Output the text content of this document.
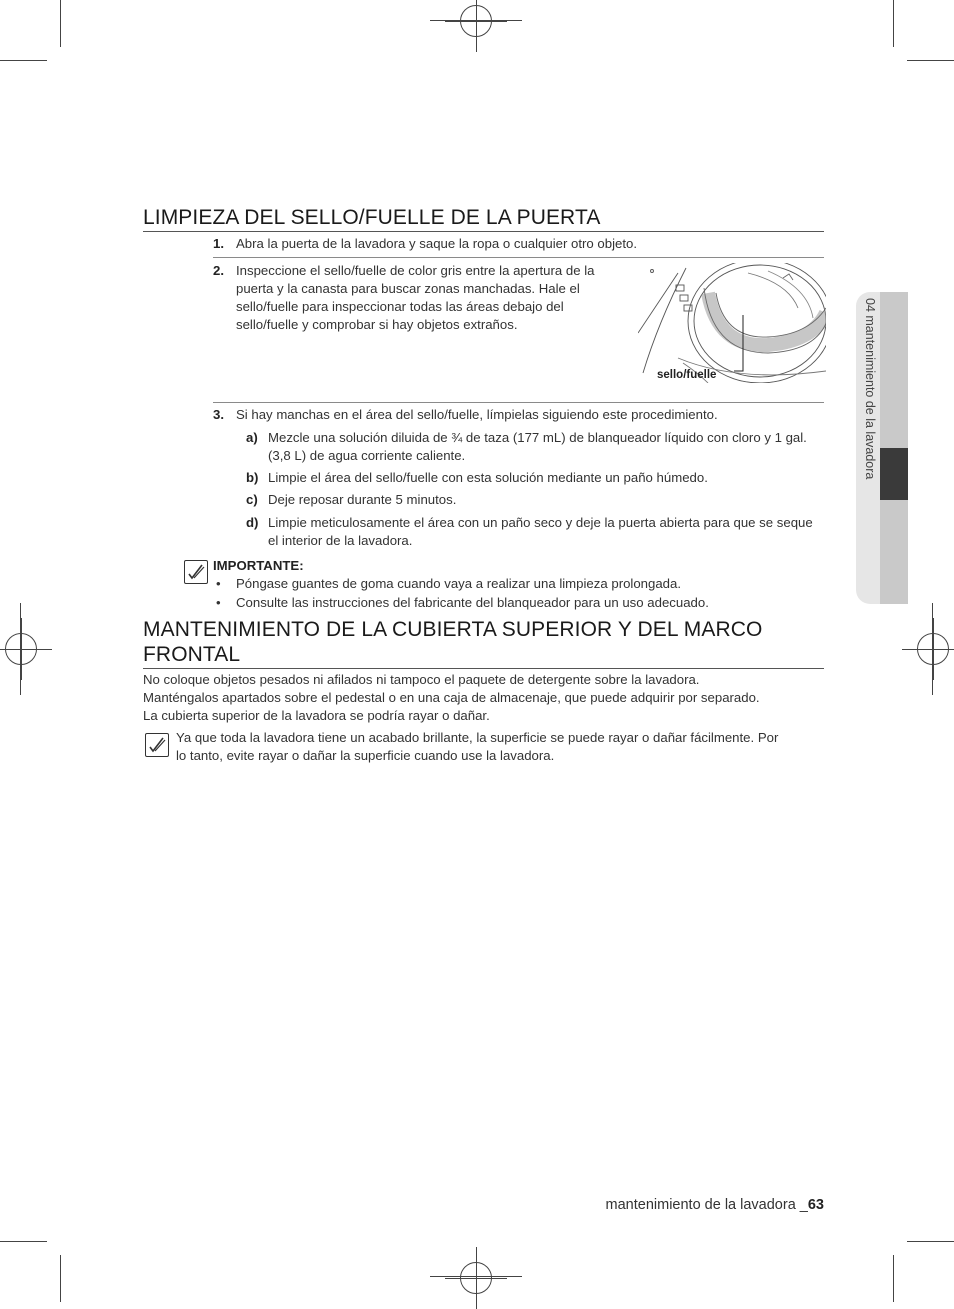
LIMPIEZA DEL SELLO/FUELLE DE LA PUERTA
1. Abra la puerta de la lavadora y saque la ropa o cualquier otro objeto.

2. Inspeccione el sello/fuelle de color gris entre la apertura de la puerta y la canasta para buscar zonas manchadas. Hale el sello/fuelle para inspeccionar todas las áreas debajo del sello/fuelle y comprobar si hay objetos extraños.

sello/fuelle
3. Si hay manchas en el área del sello/fuelle, límpielas siguiendo este procedimiento.

a) Mezcle una solución diluida de ¾ de taza (177 mL) de blanqueador líquido con cloro y 1 gal. (3,8 L) de agua corriente caliente.

b) Limpie el área del sello/fuelle con esta solución mediante un paño húmedo.

c) Deje reposar durante 5 minutos.

d) Limpie meticulosamente el área con un paño seco y deje la puerta abierta para que se seque el interior de la lavadora.

IMPORTANTE:
• Póngase guantes de goma cuando vaya a realizar una limpieza prolongada.

• Consulte las instrucciones del fabricante del blanqueador para un uso adecuado.

MANTENIMIENTO DE LA CUBIERTA SUPERIOR Y DEL MARCO
FRONTAL

No coloque objetos pesados ni afilados ni tampoco el paquete de detergente sobre la lavadora.

Manténgalos apartados sobre el pedestal o en una caja de almacenaje, que puede adquirir por separado.

La cubierta superior de la lavadora se podría rayar o dañar.

Ya que toda la lavadora tiene un acabado brillante, la superficie se puede rayar o dañar fácilmente. Por

lo tanto, evite rayar o dañar la superficie cuando use la lavadora.

04 mantenimiento de la lavadora
mantenimiento de la lavadora _63
